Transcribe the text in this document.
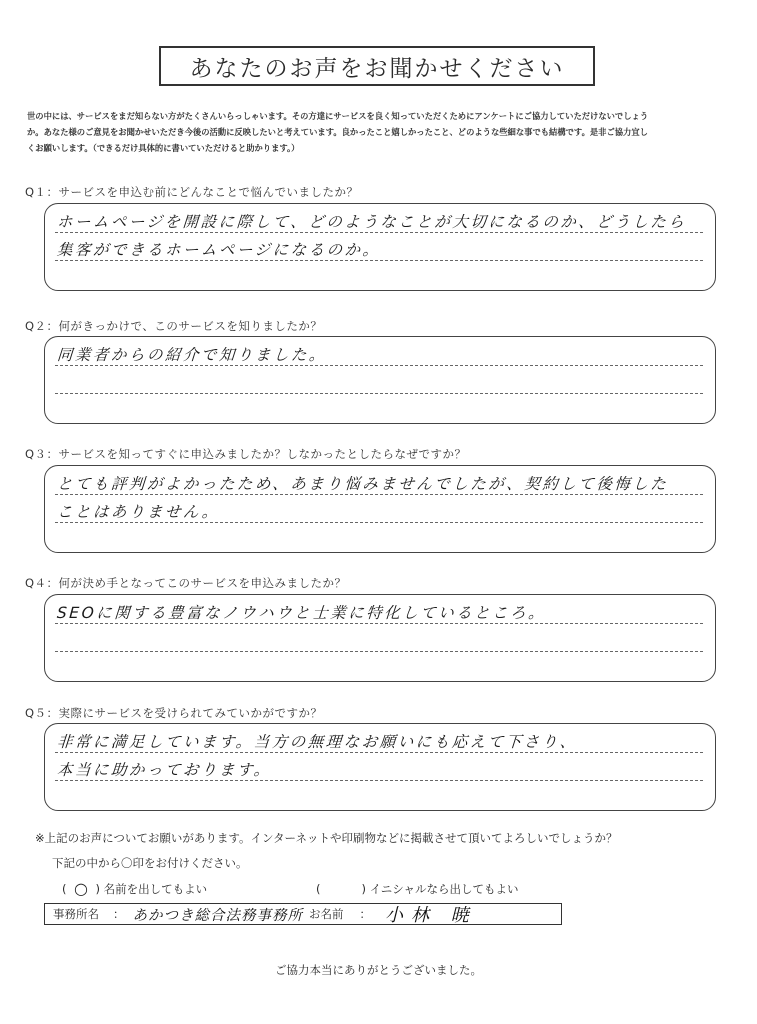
あなたのお声をお聞かせください
世の中には、サービスをまだ知らない方がたくさんいらっしゃいます。その方達にサービスを良く知っていただくためにアンケートにご協力していただけないでしょう
か。あなた様のご意見をお聞かせいただき今後の活動に反映したいと考えています。良かったこと嬉しかったこと、どのような些細な事でも結構です。是非ご協力宜し
くお願いします。（できるだけ具体的に書いていただけると助かります。）
Q１：サービスを申込む前にどんなことで悩んでいましたか？
ホームページを開設に際して、どのようなことが大切になるのか、どうしたら
集客ができるホームページになるのか。
Q２：何がきっかけで、このサービスを知りましたか？
同業者からの紹介で知りました。
Q３：サービスを知ってすぐに申込みましたか？しなかったとしたらなぜですか？
とても評判がよかったため、あまり悩みませんでしたが、契約して後悔した
ことはありません。
Q４：何が決め手となってこのサービスを申込みましたか？
SEOに関する豊富なノウハウと士業に特化しているところ。
Q５：実際にサービスを受けられてみていかがですか？
非常に満足しています。当方の無理なお願いにも応えて下さり、
本当に助かっております。
※上記のお声についてお願いがあります。インターネットや印刷物などに掲載させて頂いてよろしいでしょうか？
下記の中から〇印をお付けください。
( ○ ) 名前を出してもよい	(	) イニシャルなら出してもよい
事務所名 ： あかつき総合法務事務所 お名前 ： 小林 暁
ご協力本当にありがとうございました。
